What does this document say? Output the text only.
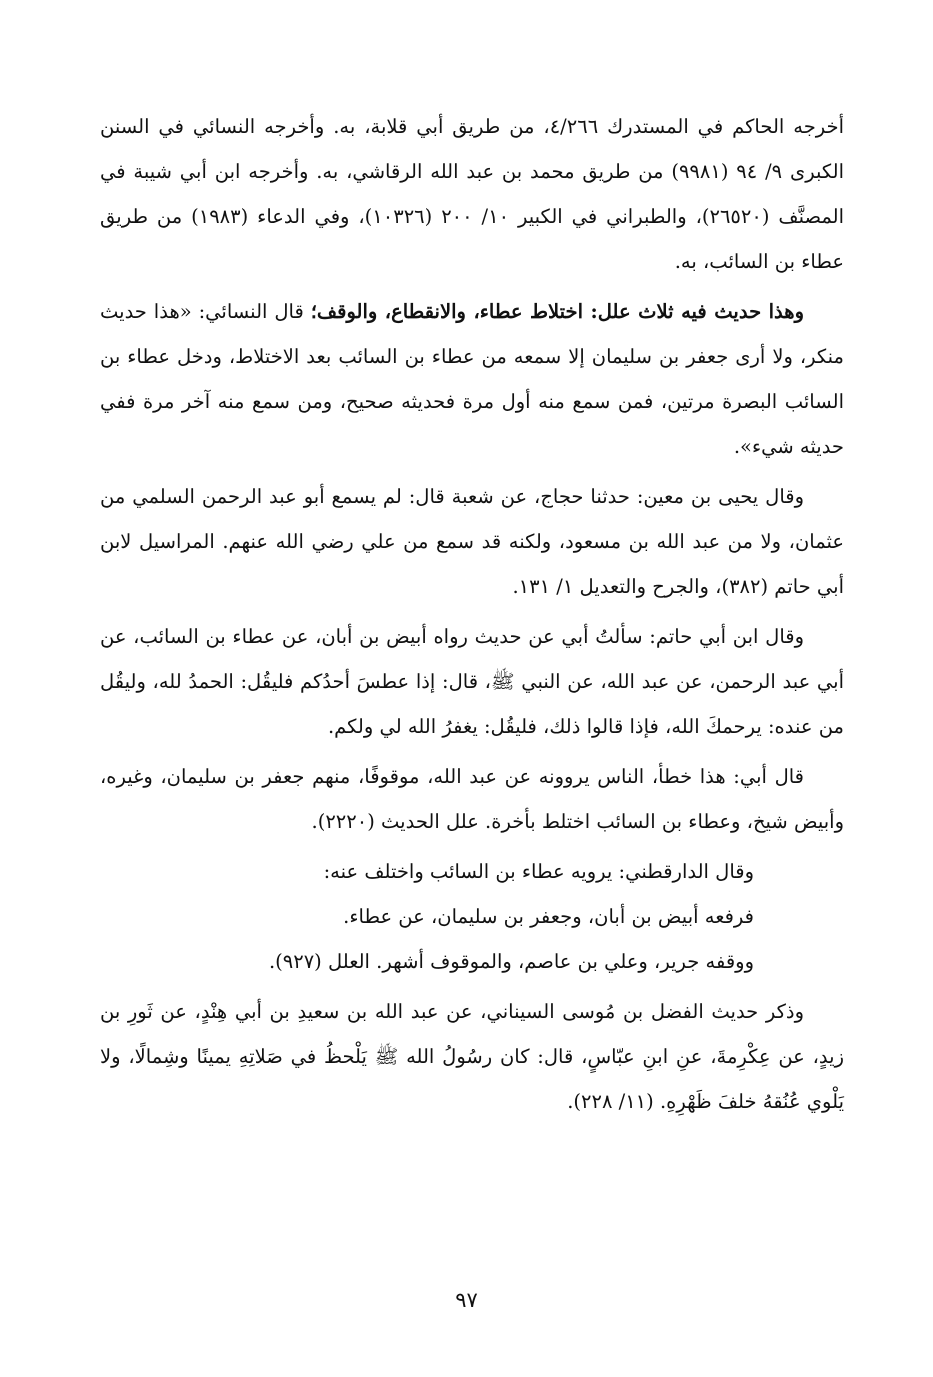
أخرجه الحاكم في المستدرك ٤/٢٦٦، من طريق أبي قلابة، به. وأخرجه النسائي في السنن الكبرى ٩/ ٩٤ (٩٩٨١) من طريق محمد بن عبد الله الرقاشي، به. وأخرجه ابن أبي شيبة في المصنَّف (٢٦٥٢٠)، والطبراني في الكبير ١٠/ ٢٠٠ (١٠٣٢٦)، وفي الدعاء (١٩٨٣) من طريق عطاء بن السائب، به.

وهذا حديث فيه ثلاث علل: اختلاط عطاء، والانقطاع، والوقف؛ قال النسائي: «هذا حديث منكر، ولا أرى جعفر بن سليمان إلا سمعه من عطاء بن السائب بعد الاختلاط، ودخل عطاء بن السائب البصرة مرتين، فمن سمع منه أول مرة فحديثه صحيح، ومن سمع منه آخر مرة ففي حديثه شيء».

وقال يحيى بن معين: حدثنا حجاج، عن شعبة قال: لم يسمع أبو عبد الرحمن السلمي من عثمان، ولا من عبد الله بن مسعود، ولكنه قد سمع من علي رضي الله عنهم. المراسيل لابن أبي حاتم (٣٨٢)، والجرح والتعديل ١/ ١٣١.

وقال ابن أبي حاتم: سألتُ أبي عن حديث رواه أبيض بن أبان، عن عطاء بن السائب، عن أبي عبد الرحمن، عن عبد الله، عن النبي ﷺ، قال: إذا عطسَ أحدُكم فليقُل: الحمدُ لله، وليقُل من عنده: يرحمكَ الله، فإذا قالوا ذلك، فليقُل: يغفرُ الله لي ولكم.

قال أبي: هذا خطأ، الناس يروونه عن عبد الله، موقوفًا، منهم جعفر بن سليمان، وغيره، وأبيض شيخ، وعطاء بن السائب اختلط بأخرة. علل الحديث (٢٢٢٠).

وقال الدارقطني: يرويه عطاء بن السائب واختلف عنه:

فرفعه أبيض بن أبان، وجعفر بن سليمان، عن عطاء.

ووقفه جرير، وعلي بن عاصم، والموقوف أشهر. العلل (٩٢٧).

وذكر حديث الفضل بن مُوسى السيناني، عن عبد الله بن سعيدِ بن أبي هِنْدٍ، عن ثَورِ بن زيدٍ، عن عِكْرِمةَ، عنِ ابنِ عبّاسٍ، قال: كان رسُولُ الله ﷺ يَلْحظُ في صَلاتِهِ يمينًا وشِمالًا، ولا يَلْوي عُنُقهُ خلفَ ظَهْرِهِ. (١١/ ٢٢٨).

٩٧
